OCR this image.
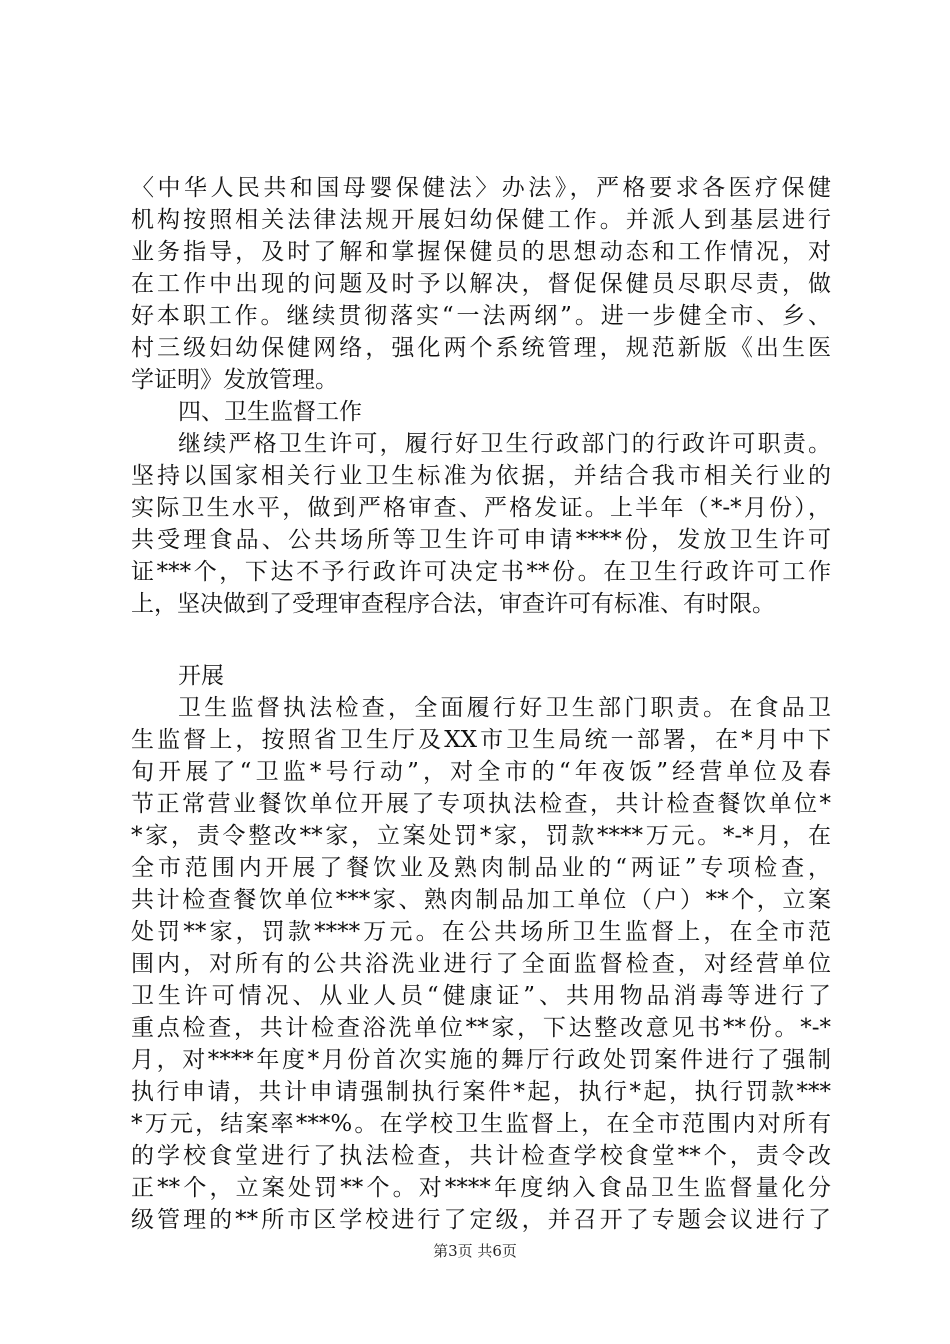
〈中华人民共和国母婴保健法〉办法》，严格要求各医疗保健
机构按照相关法律法规开展妇幼保健工作。并派人到基层进行
业务指导，及时了解和掌握保健员的思想动态和工作情况，对
在工作中出现的问题及时予以解决，督促保健员尽职尽责，做
好本职工作。继续贯彻落实“一法两纲”。进一步健全市、乡、
村三级妇幼保健网络，强化两个系统管理，规范新版《出生医
学证明》发放管理。
四、卫生监督工作
继续严格卫生许可，履行好卫生行政部门的行政许可职责。
坚持以国家相关行业卫生标准为依据，并结合我市相关行业的
实际卫生水平，做到严格审查、严格发证。上半年（*-*月份），
共受理食品、公共场所等卫生许可申请****份，发放卫生许可
证***个，下达不予行政许可决定书**份。在卫生行政许可工作
上，坚决做到了受理审查程序合法，审查许可有标准、有时限。
开展
卫生监督执法检查，全面履行好卫生部门职责。在食品卫
生监督上，按照省卫生厅及XX市卫生局统一部署，在*月中下
旬开展了“卫监*号行动”，对全市的“年夜饭”经营单位及春
节正常营业餐饮单位开展了专项执法检查，共计检查餐饮单位*
*家，责令整改**家，立案处罚*家，罚款****万元。*-*月，在
全市范围内开展了餐饮业及熟肉制品业的“两证”专项检查，
共计检查餐饮单位***家、熟肉制品加工单位（户）**个，立案
处罚**家，罚款****万元。在公共场所卫生监督上，在全市范
围内，对所有的公共浴洗业进行了全面监督检查，对经营单位
卫生许可情况、从业人员“健康证”、共用物品消毒等进行了
重点检查，共计检查浴洗单位**家，下达整改意见书**份。*-*
月，对****年度*月份首次实施的舞厅行政处罚案件进行了强制
执行申请，共计申请强制执行案件*起，执行*起，执行罚款***
*万元，结案率***%。在学校卫生监督上，在全市范围内对所有
的学校食堂进行了执法检查，共计检查学校食堂**个，责令改
正**个，立案处罚**个。对****年度纳入食品卫生监督量化分
级管理的**所市区学校进行了定级，并召开了专题会议进行了
第3页 共6页
